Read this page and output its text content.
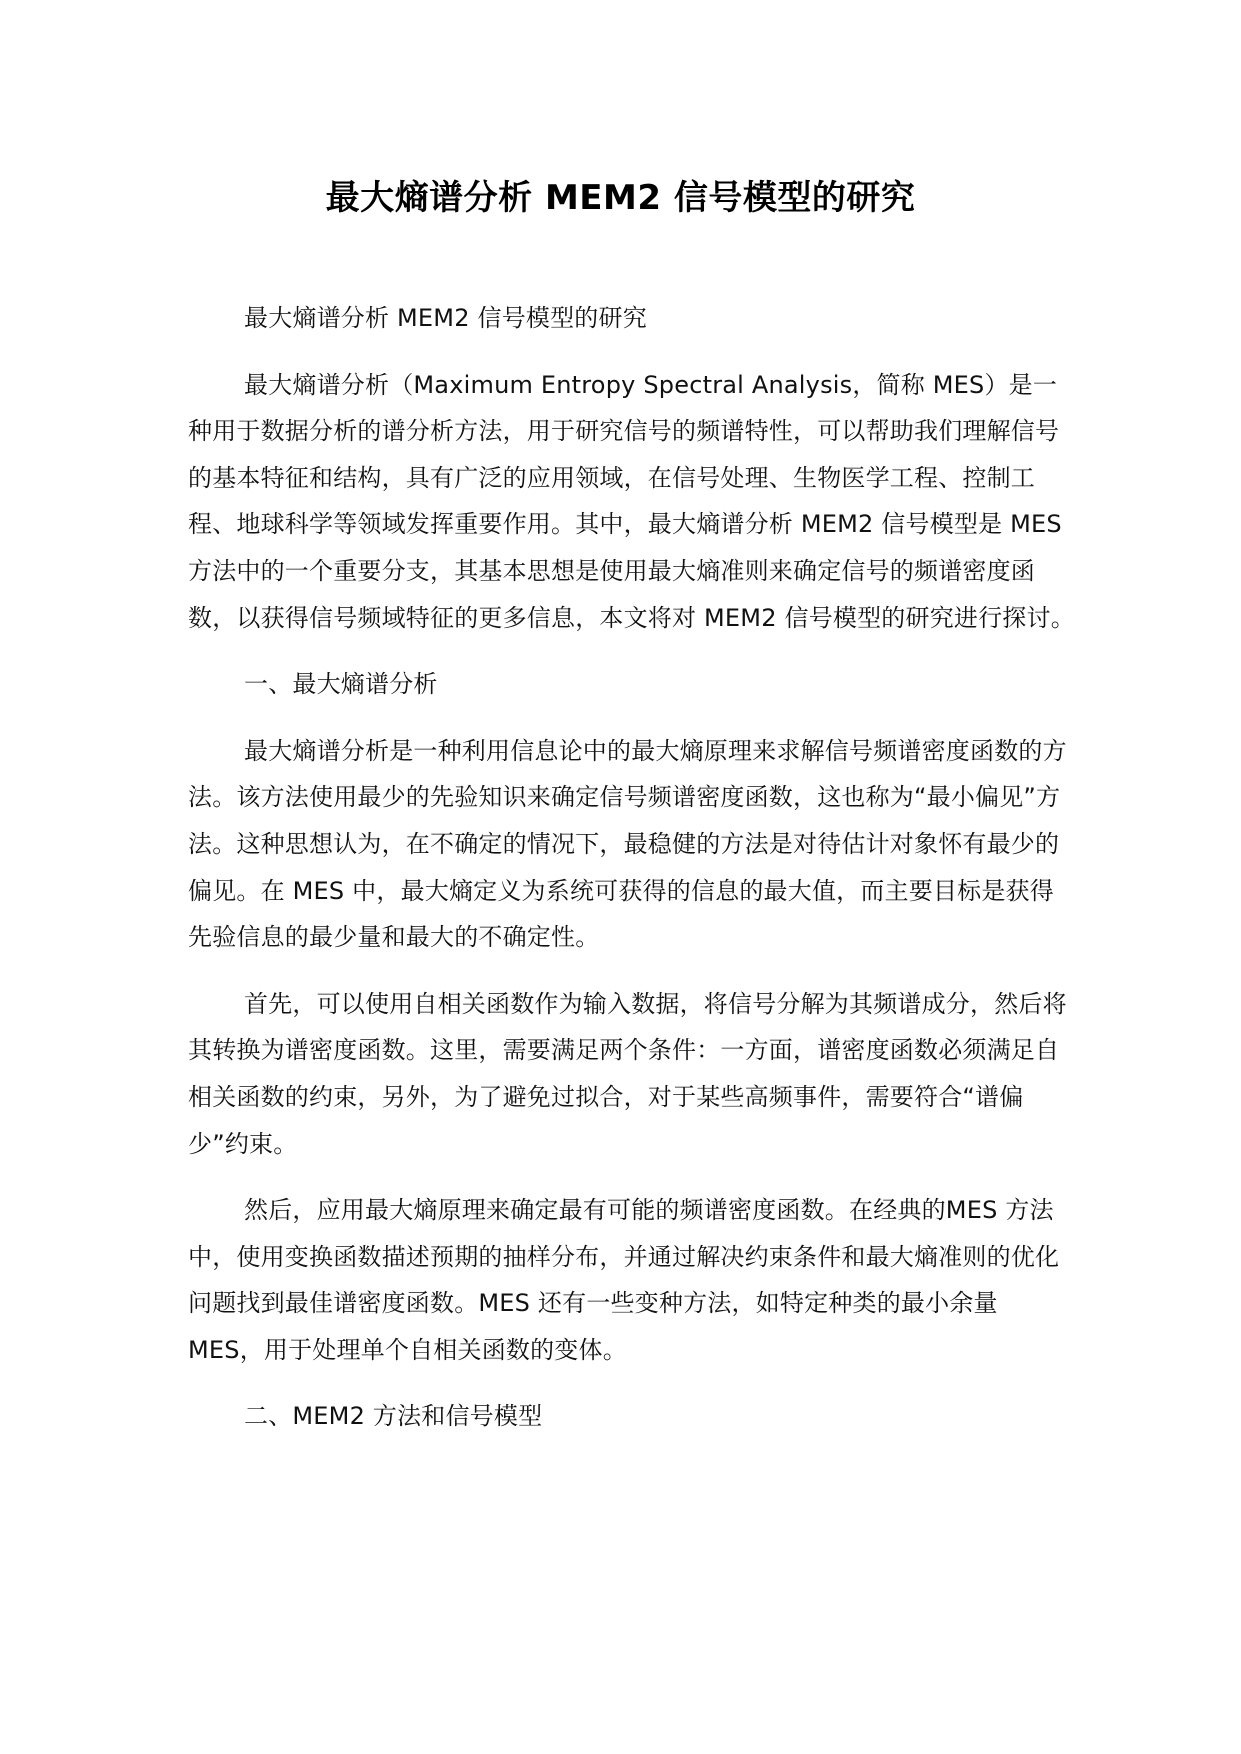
最大熵谱分析 MEM2 信号模型的研究

最大熵谱分析 MEM2 信号模型的研究

最大熵谱分析（Maximum Entropy Spectral Analysis，简称 MES）是一种用于数据分析的谱分析方法，用于研究信号的频谱特性，可以帮助我们理解信号的基本特征和结构，具有广泛的应用领域，在信号处理、生物医学工程、控制工程、地球科学等领域发挥重要作用。其中，最大熵谱分析 MEM2 信号模型是 MES 方法中的一个重要分支，其基本思想是使用最大熵准则来确定信号的频谱密度函数，以获得信号频域特征的更多信息，本文将对 MEM2 信号模型的研究进行探讨。

一、最大熵谱分析

最大熵谱分析是一种利用信息论中的最大熵原理来求解信号频谱密度函数的方法。该方法使用最少的先验知识来确定信号频谱密度函数，这也称为“最小偏见”方法。这种思想认为，在不确定的情况下，最稳健的方法是对待估计对象怀有最少的偏见。在 MES 中，最大熵定义为系统可获得的信息的最大值，而主要目标是获得先验信息的最少量和最大的不确定性。

首先，可以使用自相关函数作为输入数据，将信号分解为其频谱成分，然后将其转换为谱密度函数。这里，需要满足两个条件：一方面，谱密度函数必须满足自相关函数的约束，另外，为了避免过拟合，对于某些高频事件，需要符合“谱偏少”约束。

然后，应用最大熵原理来确定最有可能的频谱密度函数。在经典的MES 方法中，使用变换函数描述预期的抽样分布，并通过解决约束条件和最大熵准则的优化问题找到最佳谱密度函数。MES 还有一些变种方法，如特定种类的最小余量 MES，用于处理单个自相关函数的变体。

二、MEM2 方法和信号模型
